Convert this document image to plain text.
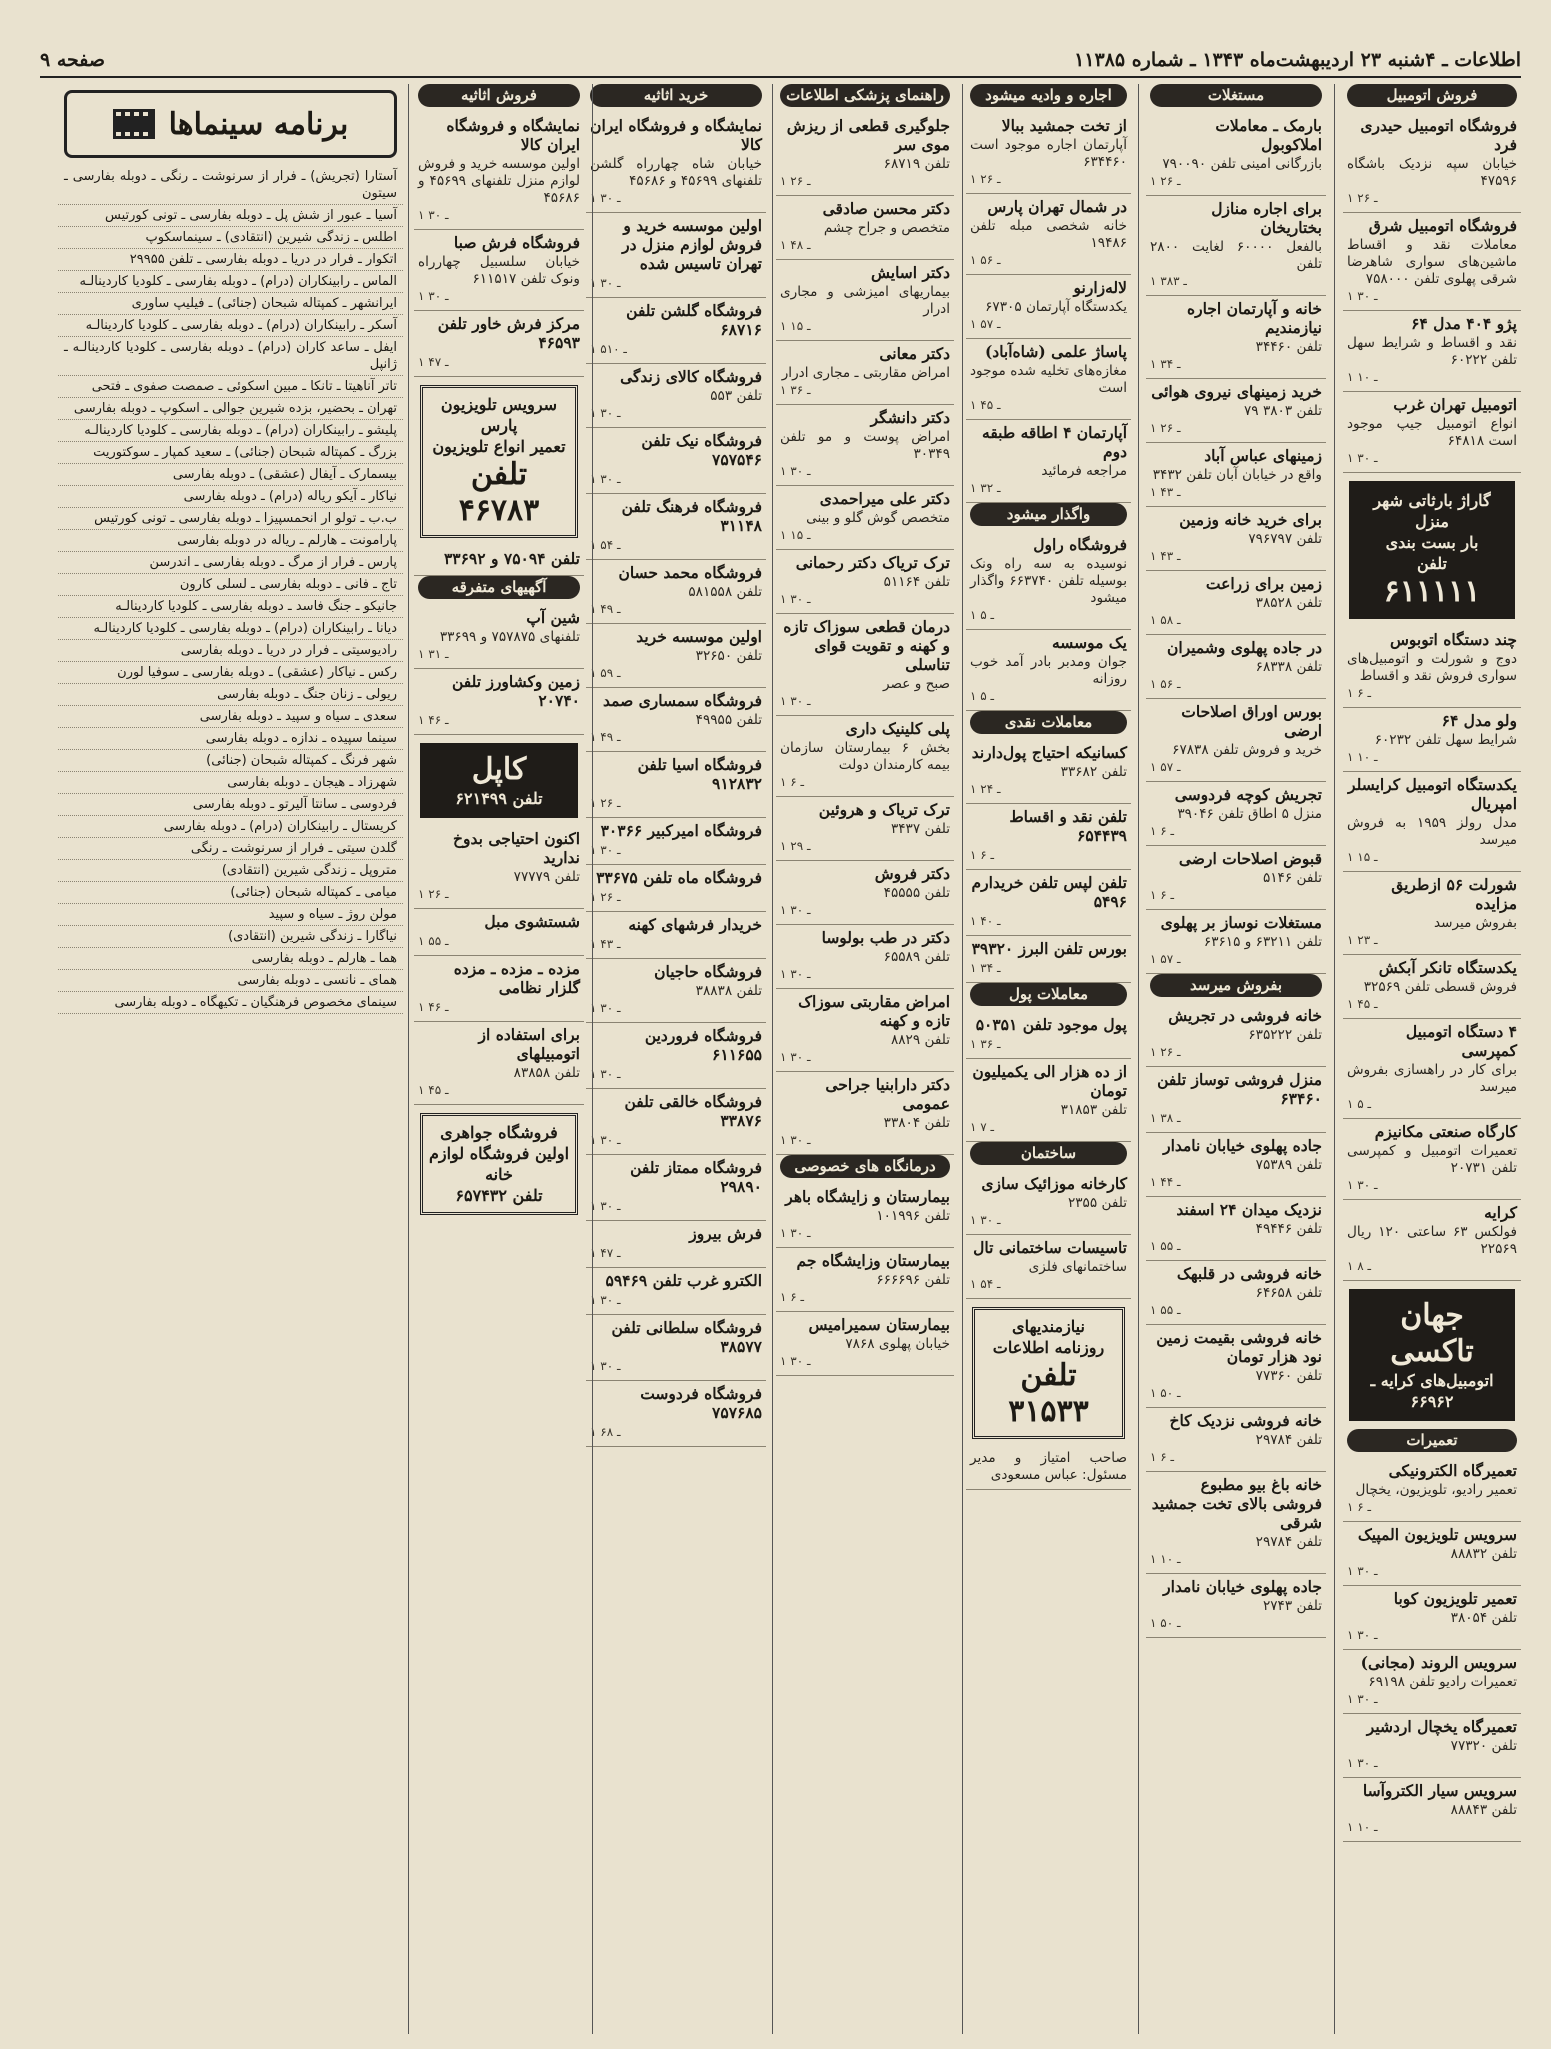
اطلاعات ـ ۴شنبه ۲۳ اردیبهشت‌ماه ۱۳۴۳ ـ شماره ۱۱۳۸۵
صفحه ۹
فروش اتومبیل
فروشگاه اتومبیل حیدری فرد

خیابان سپه نزدیک باشگاه ۴۷۵۹۶

۱ ـ ۲۶
فروشگاه اتومبیل شرق

معاملات نقد و اقساط ماشین‌های سواری شاهرضا شرقی پهلوی تلفن ۷۵۸۰۰۰

۱ ـ ۳۰
پژو ۴۰۴ مدل ۶۴

نقد و اقساط و شرایط سهل تلفن ۶۰۲۲۲

۱ ـ ۱۰
اتومبیل تهران غرب

انواع اتومبیل جیپ موجود است ۶۴۸۱۸

۱ ـ ۳۰
گاراژ بارثاتی شهر منزل
بار بست بندی
تلفن
۶۱۱۱۱۱
چند دستگاه اتوبوس

دوج و شورلت و اتومبیل‌های سواری فروش نقد و اقساط

۱ ـ ۶
ولو مدل ۶۴

شرایط سهل تلفن ۶۰۲۳۲

۱ ـ ۱۰
یکدستگاه اتومبیل کرایسلر امپریال

مدل رولز ۱۹۵۹ به فروش میرسد

۱ ـ ۱۵
شورلت ۵۶ ازطریق مزایده

بفروش میرسد

۱ ـ ۲۳
یکدستگاه تانکر آبکش

فروش قسطی تلفن ۳۲۵۶۹

۱ ـ ۴۵
۴ دستگاه اتومبیل کمپرسی

برای کار در راهسازی بفروش میرسد

۱ ـ ۵
کارگاه صنعتی مکانیزم

تعمیرات اتومبیل و کمپرسی تلفن ۲۰۷۳۱

۱ ـ ۳۰
کرایه

فولکس ۶۳ ساعتی ۱۲۰ ریال ۲۲۵۶۹

۱ ـ ۸
جهان تاکسی
اتومبیل‌های کرایه ـ ۶۶۹۶۲
تعمیرات
تعمیرگاه الکترونیکی

تعمیر رادیو، تلویزیون، یخچال

۱ ـ ۶
سرویس تلویزیون المپیک

تلفن ۸۸۸۳۲

۱ ـ ۳۰
تعمیر تلویزیون کوبا

تلفن ۳۸۰۵۴

۱ ـ ۳۰
سرویس الروند (مجانی)

تعمیرات رادیو تلفن ۶۹۱۹۸

۱ ـ ۳۰
تعمیرگاه یخچال اردشیر

تلفن ۷۷۳۲۰

۱ ـ ۳۰
سرویس سیار الکتروآسا

تلفن ۸۸۸۴۳

۱ ـ ۱۰
مستغلات
بارمک ـ معاملات املاکوبول

بازرگانی امینی تلفن ۷۹۰۰۹۰

۱ ـ ۲۶
برای اجاره منازل بختاریخان

بالفعل ۶۰۰۰۰ لغایت ۲۸۰۰ تلفن

۱ ـ ۳۸۳
خانه و آپارتمان اجاره نیازمندیم

تلفن ۳۴۴۶۰

۱ ـ ۳۴
خرید زمینهای نیروی هوائی

تلفن ۳۸۰۳ ۷۹

۱ ـ ۲۶
زمینهای عباس آباد

واقع در خیابان آبان تلفن ۳۴۳۲

۱ ـ ۴۳
برای خرید خانه وزمین

تلفن ۷۹۶۷۹۷

۱ ـ ۴۳
زمین برای زراعت

تلفن ۳۸۵۲۸

۱ ـ ۵۸
در جاده پهلوی وشمیران

تلفن ۶۸۳۳۸

۱ ـ ۵۶
بورس اوراق اصلاحات ارضی

خرید و فروش تلفن ۶۷۸۳۸

۱ ـ ۵۷
تجریش کوچه فردوسی

منزل ۵ اطاق تلفن ۳۹۰۴۶

۱ ـ ۶
قبوض اصلاحات ارضی

تلفن ۵۱۴۶

۱ ـ ۶
مستغلات نوساز بر پهلوی

تلفن ۶۳۲۱۱ و ۶۳۶۱۵

۱ ـ ۵۷
بفروش میرسد
خانه فروشی در تجریش

تلفن ۶۳۵۲۲۲

۱ ـ ۲۶
منزل فروشی توساز تلفن ۶۳۴۶۰

۱ ـ ۳۸
جاده پهلوی خیابان نامدار

تلفن ۷۵۳۸۹

۱ ـ ۴۴
نزدیک میدان ۲۴ اسفند

تلفن ۴۹۴۴۶

۱ ـ ۵۵
خانه فروشی در قلبهک

تلفن ۶۴۶۵۸

۱ ـ ۵۵
خانه فروشی بقیمت زمین نود هزار تومان

تلفن ۷۷۳۶۰

۱ ـ ۵۰
خانه فروشی نزدیک کاخ

تلفن ۲۹۷۸۴

۱ ـ ۶
خانه باغ بیو مطبوع فروشی بالای تخت جمشید شرقی

تلفن ۲۹۷۸۴

۱ ـ ۱۰
جاده پهلوی خیابان نامدار

تلفن ۲۷۴۳

۱ ـ ۵۰
اجاره و وادیه میشود
از تخت جمشید ببالا

آپارتمان اجاره موجود است ۶۳۴۴۶۰

۱ ـ ۲۶
در شمال تهران پارس

خانه شخصی مبله تلفن ۱۹۴۸۶

۱ ـ ۵۶
لاله‌زارنو

یکدستگاه آپارتمان ۶۷۳۰۵

۱ ـ ۵۷
پاساژ علمی (شاه‌آباد)

مغازه‌های تخلیه شده موجود است

۱ ـ ۴۵
آپارتمان ۴ اطاقه طبقه دوم

مراجعه فرمائید

۱ ـ ۳۲
واگذار میشود
فروشگاه راول

نوسیده به سه راه ونک بوسیله تلفن ۶۶۳۷۴۰ واگذار میشود

۱ ـ ۵
یک موسسه

جوان ومدبر بادر آمد خوب روزانه

۱ ـ ۵
معاملات نقدی
کسانیکه احتیاج پول‌دارند

تلفن ۳۳۶۸۲

۱ ـ ۲۴
تلفن نقد و اقساط ۶۵۴۴۳۹

۱ ـ ۶
تلفن لپس تلفن خریدارم ۵۴۹۶

۱ ـ ۴۰
بورس تلفن البرز ۳۹۳۲۰

۱ ـ ۳۴
معاملات پول
پول موجود تلفن ۵۰۳۵۱

۱ ـ ۳۶
از ده هزار الی یکمیلیون تومان

تلفن ۳۱۸۵۳

۱ ـ ۷
ساختمان
کارخانه موزائیک سازی

تلفن ۲۳۵۵

۱ ـ ۳۰
تاسیسات ساختمانی تال

ساختمانهای فلزی

۱ ـ ۵۴
نیازمندیهای
روزنامه اطلاعات
تلفن ۳۱۵۳۳

صاحب امتیاز و مدیر مسئول: عباس مسعودی

راهنمای پزشکی اطلاعات
جلوگیری قطعی از ریزش موی سر

تلفن ۶۸۷۱۹

۱ ـ ۲۶
دکتر محسن صادقی

متخصص و جراح چشم

۱ ـ ۴۸
دکتر اسایش

بیماریهای امیزشی و مجاری ادرار

۱ ـ ۱۵
دکتر معانی

امراض مقاربتی ـ مجاری ادرار

۱ ـ ۳۶
دکتر دانشگر

امراض پوست و مو تلفن ۳۰۳۴۹

۱ ـ ۳۰
دکتر علی میراحمدی

متخصص گوش گلو و بینی

۱ ـ ۱۵
ترک تریاک دکتر رحمانی

تلفن ۵۱۱۶۴

۱ ـ ۳۰
درمان قطعی سوزاک تازه و کهنه و تقویت قوای تناسلی

صبح و عصر

۱ ـ ۳۰
پلی کلینیک داری

بخش ۶ بیمارستان سازمان بیمه کارمندان دولت

۱ ـ ۶
ترک تریاک و هروئین

تلفن ۳۴۳۷

۱ ـ ۲۹
دکتر فروش

تلفن ۴۵۵۵۵

۱ ـ ۳۰
دکتر در طب بولوسا

تلفن ۶۵۵۸۹

۱ ـ ۳۰
امراض مقاربتی سوزاک تازه و کهنه

تلفن ۸۸۲۹

۱ ـ ۳۰
دکتر دارابنیا جراحی عمومی

تلفن ۳۳۸۰۴

۱ ـ ۳۰
درمانگاه های خصوصی
بیمارستان و زایشگاه باهر

تلفن ۱۰۱۹۹۶

۱ ـ ۳۰
بیمارستان وزایشگاه جم

تلفن ۶۶۶۶۹۶

۱ ـ ۶
بیمارستان سمیرامیس

خیابان پهلوی ۷۸۶۸

۱ ـ ۳۰
خرید اثاثیه
نمایشگاه و فروشگاه ایران کالا

خیابان شاه چهارراه گلشن تلفنهای ۴۵۶۹۹ و ۴۵۶۸۶

۱ ـ ۳۰
اولین موسسه خرید و فروش لوازم منزل در تهران تاسیس شده

۱ ـ ۳۰
فروشگاه گلشن تلفن ۶۸۷۱۶

۱ ـ ۵۱۰
فروشگاه کالای زندگی

تلفن ۵۵۳

۱ ـ ۳۰
فروشگاه نیک تلفن ۷۵۷۵۴۶

۱ ـ ۳۰
فروشگاه فرهنگ تلفن ۳۱۱۴۸

۱ ـ ۵۴
فروشگاه محمد حسان

تلفن ۵۸۱۵۵۸

۱ ـ ۴۹
اولین موسسه خرید

تلفن ۳۲۶۵۰

۱ ـ ۵۹
فروشگاه سمساری صمد

تلفن ۴۹۹۵۵

۱ ـ ۴۹
فروشگاه اسیا تلفن ۹۱۲۸۳۲

۱ ـ ۲۶
فروشگاه امیرکبیر ۳۰۳۶۶

۱ ـ ۳۰
فروشگاه ماه تلفن ۳۳۶۷۵

۱ ـ ۲۶
خریدار فرشهای کهنه

۱ ـ ۴۳
فروشگاه حاجیان

تلفن ۳۸۸۳۸

۱ ـ ۳۰
فروشگاه فروردین ۶۱۱۶۵۵

۱ ـ ۳۰
فروشگاه خالقی تلفن ۳۳۸۷۶

۱ ـ ۳۰
فروشگاه ممتاز تلفن ۲۹۸۹۰

۱ ـ ۳۰
فرش بیروز

۱ ـ ۴۷
الکترو غرب تلفن ۵۹۴۶۹

۱ ـ ۳۰
فروشگاه سلطانی تلفن ۳۸۵۷۷

۱ ـ ۳۰
فروشگاه فردوست ۷۵۷۶۸۵

۱ ـ ۶۸
فروش اثاثیه
نمایشگاه و فروشگاه ایران کالا

اولین موسسه خرید و فروش لوازم منزل تلفنهای ۴۵۶۹۹ و ۴۵۶۸۶

۱ ـ ۳۰
فروشگاه فرش صبا

خیابان سلسبیل چهارراه ونوک تلفن ۶۱۱۵۱۷

۱ ـ ۳۰
مرکز فرش خاور تلفن ۴۶۵۹۳

۱ ـ ۴۷
سرویس تلویزیون پارس
تعمیر انواع تلویزیون
تلفن ۴۶۷۸۳
تلفن ۷۵۰۹۴ و ۳۳۶۹۲
آگهیهای متفرقه
شین آپ

تلفنهای ۷۵۷۸۷۵ و ۳۳۶۹۹

۱ ـ ۳۱
زمین وکشاورز تلفن ۲۰۷۴۰

۱ ـ ۴۶
کاپل
تلفن ۶۲۱۴۹۹
اکنون احتیاجی بدوخ ندارید

تلفن ۷۷۷۷۹

۱ ـ ۲۶
شستشوی مبل

۱ ـ ۵۵
مزده ـ مزده ـ مزده گلزار نظامی

۱ ـ ۴۶
برای استفاده از اتومبیلهای

تلفن ۸۳۸۵۸

۱ ـ ۴۵
فروشگاه جواهری
اولین فروشگاه لوازم خانه
تلفن ۶۵۷۴۳۲
برنامه سینماها
آستارا (تجریش) ـ فرار از سرنوشت ـ رنگی ـ دوبله بفارسی ـ سیتون
آسیا ـ عبور از شش پل ـ دوبله بفارسی ـ تونی کورتیس
اطلس ـ زندگی شیرین (انتقادی) ـ سینماسکوپ
اتکوار ـ فرار در دریا ـ دوبله بفارسی ـ تلفن ۲۹۹۵۵
الماس ـ رابینکاران (درام) ـ دوبله بفارسی ـ کلودیا کاردینالـه
ایرانشهر ـ کمپتاله شبحان (جنائی) ـ فیلیپ ساوری
آسکر ـ رابینکاران (درام) ـ دوبله بفارسی ـ کلودیا کاردینالـه
ایفل ـ ساعد کاران (درام) ـ دوبله بفارسی ـ کلودیا کاردینالـه ـ ژانپل
تاتر آناهیتا ـ تانکا ـ مبین اسکوئی ـ صمصت صفوی ـ فتحی
تهران ـ بحضیر، بزده شیرین جوالی ـ اسکوپ ـ دوبله بفارسی
پلیشو ـ رابینکاران (درام) ـ دوبله بفارسی ـ کلودیا کاردینالـه
بزرگ ـ کمپتاله شبحان (جنائی) ـ سعید کمپار ـ سوکتوریت
بیسمارک ـ آیفال (عشقی) ـ دوبله بفارسی
نیاکار ـ آیکو ریاله (درام) ـ دوبله بفارسی
ب.ب ـ تولو ار انحمسپیزا ـ دوبله بفارسی ـ تونی کورتیس
پارامونت ـ هارلم ـ ریاله در دوبله بفارسی
پارس ـ فرار از مرگ ـ دوبله بفارسی ـ اندرسن
تاج ـ فانی ـ دوبله بفارسی ـ لسلی کارون
جانیکو ـ جنگ فاسد ـ دوبله بفارسی ـ کلودیا کاردینالـه
دیانا ـ رابینکاران (درام) ـ دوبله بفارسی ـ کلودیا کاردینالـه
رادیوسیتی ـ فرار در دریا ـ دوبله بفارسی
رکس ـ نیاکار (عشقی) ـ دوبله بفارسی ـ سوفیا لورن
ریولی ـ زنان جنگ ـ دوبله بفارسی
سعدی ـ سیاه و سپید ـ دوبله بفارسی
سینما سپیده ـ ندازه ـ دوبله بفارسی
شهر فرنگ ـ کمپتاله شبحان (جنائی)
شهرزاد ـ هیجان ـ دوبله بفارسی
فردوسی ـ سانتا آلیرتو ـ دوبله بفارسی
کریستال ـ رابینکاران (درام) ـ دوبله بفارسی
گلدن سیتی ـ فرار از سرنوشت ـ رنگی
متروپل ـ زندگی شیرین (انتقادی)
میامی ـ کمپتاله شبحان (جنائی)
مولن روژ ـ سیاه و سپید
نیاگارا ـ زندگی شیرین (انتقادی)
هما ـ هارلم ـ دوبله بفارسی
همای ـ نانسی ـ دوبله بفارسی
سینمای مخصوص فرهنگیان ـ تکیهگاه ـ دوبله بفارسی
